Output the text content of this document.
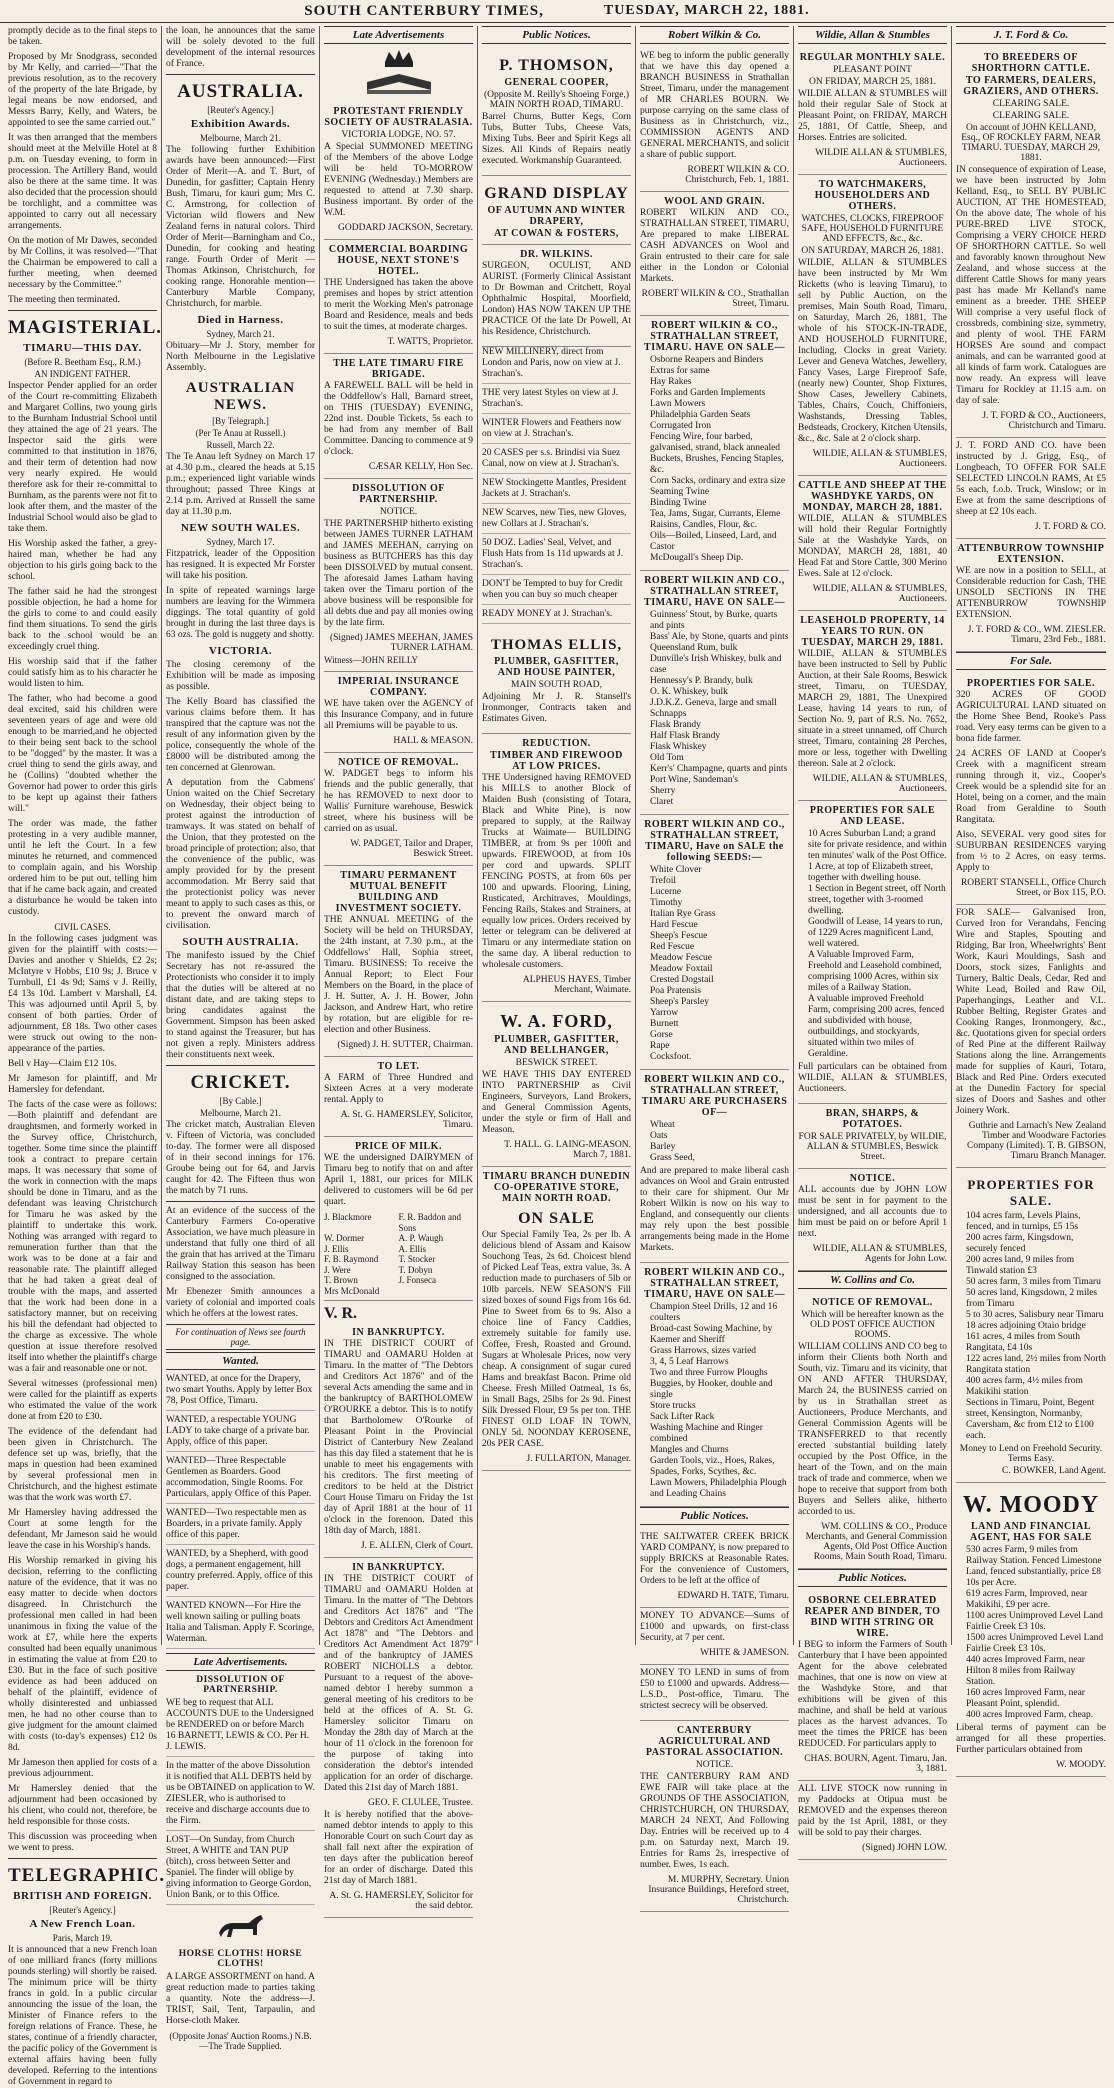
SOUTH CANTERBURY TIMES,	TUESDAY, MARCH 22, 1881.

promptly decide as to the final steps to be taken.

Proposed by Mr Snodgrass, seconded by Mr Kelly, and carried—"That the previous resolution, as to the recovery of the property of the late Brigade, by legal means be now endorsed, and Messrs Barry, Kelly, and Waters, be appointed to see the same carried out."

It was then arranged that the members should meet at the Melville Hotel at 8 p.m. on Tuesday evening, to form in procession. The Artillery Band, would also be there at the same time. It was also decided that the procession should be torchlight, and a committee was appointed to carry out all necessary arrangements.

On the motion of Mr Dawes, seconded by Mr Collins, it was resolved—"That the Chairman be empowered to call a further meeting, when deemed necessary by the Committee."

The meeting then terminated.

MAGISTERIAL.
TIMARU—THIS DAY.
(Before R. Beetham Esq., R.M.)
AN INDIGENT FATHER.

Inspector Pender applied for an order of the Court re-committing Elizabeth and Margaret Collins, two young girls to the Burnham Industrial School until they attained the age of 21 years. The Inspector said the girls were committed to that institution in 1876, and their term of detention had now very nearly expired. He would therefore ask for their re-committal to Burnham, as the parents were not fit to look after them, and the master of the Industrial School would also be glad to take them.

His Worship asked the father, a grey-haired man, whether he had any objection to his girls going back to the school.

The father said he had the strongest possible objection, he had a home for the girls to come to and could easily find them situations. To send the girls back to the school would be an exceedingly cruel thing.

His worship said that if the father could satisfy him as to his character he would listen to him.

The father, who had become a good deal excited, said his children were seventeen years of age and were old enough to be married,and he objected to their being sent back to the school to be "dogged" by the master. It was a cruel thing to send the girls away, and he (Collins) "doubted whether the Governor had power to order this girls to be kept up against their fathers will."

The order was made, the father protesting in a very audible manner, until he left the Court. In a few minutes he returned, and commenced to complain again, and his Worship ordered him to be put out, telling him that if he came back again, and created a disturbance he would be taken into custody.

CIVIL CASES.

In the following cases judgment was given for the plaintiff with costs:—Davies and another v Shields, £2 2s; McIntyre v Hobbs, £10 9s; J. Bruce v Turnbull, £1 4s 9d; Sams v J. Reilly, £4 13s 10d. Lambert v Marshall, £4. This was adjourned until April 5, by consent of both parties. Order of adjournment, £8 18s. Two other cases were struck out owing to the non-appearance of the parties.

Bell v Hay—Claim £12 10s.

Mr Jameson for plaintiff, and Mr Hamersley for defendant.

The facts of the case were as follows:—Both plaintiff and defendant are draughtsmen, and formerly worked in the Survey office, Christchurch, together. Some time since the plaintiff took a contract to prepare certain maps. It was necessary that some of the work in connection with the maps should be done in Timaru, and as the defendant was leaving Christchurch for Timaru he was asked by the plaintiff to undertake this work. Nothing was arranged with regard to remuneration further than that the work was to be done at a fair and reasonable rate. The plaintiff alleged that he had taken a great deal of trouble with the maps, and asserted that the work had been done in a satisfactory manner, but on receiving his bill the defendant had objected to the charge as excessive. The whole question at issue therefore resolved itself into whether the plaintiff's charge was a fair and reasonable one or not.

Several witnesses (professional men) were called for the plaintiff as experts who estimated the value of the work done at from £20 to £30.

The evidence of the defendant had been given in Christchurch. The defence set up was, briefly, that the maps in question had been examined by several professional men in Christchurch, and the highest estimate was that the work was worth £7.

Mr Hamersley having addressed the Court at some length for the defendant, Mr Jameson said he would leave the case in his Worship's hands.

His Worship remarked in giving his decision, referring to the conflicting nature of the evidence, that it was no easy matter to decide when doctors disagreed. In Christchurch the professional men called in had been unanimous in fixing the value of the work at £7, while here the experts consulted had been equally unanimous in estimating the value at from £20 to £30. But in the face of such positive evidence as had been adduced on behalf of the plaintiff, evidence of wholly disinterested and unbiassed men, he had no other course than to give judgment for the amount claimed with costs (to-day's expenses) £12 0s 8d.

Mr Jameson then applied for costs of a previous adjournment.

Mr Hamersley denied that the adjournment had been occasioned by his client, who could not, therefore, be held responsible for those costs.

This discussion was proceeding when we went to press.

TELEGRAPHIC.
BRITISH AND FOREIGN.
[Reuter's Agency.]
A New French Loan.
Paris, March 19.

It is announced that a new French loan of one milliard francs (forty millions pounds sterling) will shortly be raised. The minimum price will be thirty francs in gold. In a public circular announcing the issue of the loan, the Minister of Finance refers to the foreign relations of France. These, he states, continue of a friendly character, the pacific policy of the Government is external affairs having been fully developed. Referring to the intentions of Government in regard to

the loan, he announces that the same will be solely devoted to the full development of the internal resources of France.

AUSTRALIA.
[Reuter's Agency.]
Exhibition Awards.
Melbourne, March 21.

The following further Exhibition awards have been announced:—First Order of Merit—A. and T. Burt, of Dunedin, for gasfitter; Captain Henry Bush, Timaru, for kauri gum; Mrs C. C. Armstrong, for collection of Victorian wild flowers and New Zealand ferns in natural colors. Third Order of Merit—Barningham and Co., Dunedin, for cooking and heating range. Fourth Order of Merit — Thomas Atkinson, Christchurch, for cooking range. Honorable mention—Canterbury Marble Company, Christchurch, for marble.

Died in Harness.
Sydney, March 21.

Obituary—Mr J. Story, member for North Melbourne in the Legislative Assembly.

AUSTRALIAN NEWS.
[By Telegraph.]
(Per Te Anau at Russell.)
Russell, March 22.

The Te Anau left Sydney on March 17 at 4.30 p.m., cleared the heads at 5.15 p.m.; experienced light variable winds throughout; passed Three Kings at 2.14 p.m. Arrived at Russell the same day at 11.30 p.m.

NEW SOUTH WALES.
Sydney, March 17.

Fitzpatrick, leader of the Opposition has resigned. It is expected Mr Forster will take his position.

In spite of repeated warnings large numbers are leaving for the Wimmera diggings. The total quantity of gold brought in during the last three days is 63 ozs. The gold is nuggety and shotty.

VICTORIA.

The closing ceremony of the Exhibition will be made as imposing as possible.

The Kelly Board has classified the various claims before them. It has transpired that the capture was not the result of any information given by the police, consequently the whole of the £8000 will be distributed among the ten concerned at Glenrowan.

A deputation from the Cabmens' Union waited on the Chief Secretary on Wednesday, their object being to protest against the introduction of tramways. It was stated on behalf of the Union, that they protested on the broad principle of protection; also, that the convenience of the public, was amply provided for by the present accommodation. Mr Berry said that the protectionist policy was never meant to apply to such cases as this, or to prevent the onward march of civilisation.

SOUTH AUSTRALIA.

The manifesto issued by the Chief Secretary has not re-assured the Protectionists who consider it to imply that the duties will be altered at no distant date, and are taking steps to bring candidates against the Government. Simpson has been asked to stand against the Treasurer, but has not given a reply. Ministers address their constituents next week.

CRICKET.
[By Cable.]
Melbourne, March 21.

The cricket match, Australian Eleven v. Fifteen of Victoria, was concluded to-day. The former were all disposed of in their second innings for 176. Groube being out for 64, and Jarvis caught for 42. The Fifteen thus won the match by 71 runs.

At an evidence of the success of the Canterbury Farmers Co-operative Association, we have much pleasure in understand that fully one third of all the grain that has arrived at the Timaru Railway Station this season has been consigned to the association.

Mr Ebenezer Smith announces a variety of colonial and imported coals which he offers at the lowest rates.

For continuation of News see fourth page.
Wanted.
WANTED, at once for the Drapery, two smart Youths. Apply by letter Box 78, Post Office, Timaru.
WANTED, a respectable YOUNG LADY to take charge of a private bar. Apply, office of this paper.
WANTED—Three Respectable Gentlemen as Boarders. Good accommodation, Single Rooms. For Particulars, apply Office of this Paper.
WANTED—Two respectable men as Boarders, in a private family. Apply office of this paper.
WANTED, by a Shepherd, with good dogs, a permanent engagement, hill country preferred. Apply, office of this paper.
WANTED KNOWN—For Hire the well known sailing or pulling boats Italia and Talisman. Apply F. Scoringe, Waterman.
Late Advertisements.
DISSOLUTION OF PARTNERSHIP.
WE beg to request that ALL ACCOUNTS DUE to the Undersigned be RENDERED on or before March 16 BARNETT, LEWIS & CO. Per H. J. LEWIS.
In the matter of the above Dissolution it is notified that ALL DEBTS held by us be OBTAINED on application to W. ZIESLER, who is authorised to receive and discharge accounts due to the Firm.
LOST—On Sunday, from Church Street, A WHITE and TAN PUP (bitch), cross between Setter and Spaniel. The finder will oblige by giving information to George Gordon, Union Bank, or to this Office.
HORSE CLOTHS! HORSE CLOTHS!

A LARGE ASSORTMENT on hand. A great reduction made to parties taking a quantity. Note the address—J. TRIST, Sail, Tent, Tarpaulin, and Horse-cloth Maker.

(Opposite Jonas' Auction Rooms.) N.B.—The Trade Supplied.
Late Advertisements
PROTESTANT FRIENDLY SOCIETY OF AUSTRALASIA.
VICTORIA LODGE, NO. 57.

A Special SUMMONED MEETING of the Members of the above Lodge will be held TO-MORROW EVENING (Wednesday.) Members are requested to attend at 7.30 sharp. Business important. By order of the W.M.

GODDARD JACKSON, Secretary.
COMMERCIAL BOARDING HOUSE, NEXT STONE'S HOTEL.

THE Undersigned has taken the above premises and hopes by strict attention to merit the Working Men's patronage Board and Residence, meals and beds to suit the times, at moderate charges.

T. WATTS, Proprietor.
THE LATE TIMARU FIRE BRIGADE.

A FAREWELL BALL will be held in the Oddfellow's Hall, Barnard street, on THIS (TUESDAY) EVENING, 22nd inst. Double Tickets, 5s each to be had from any member of Ball Committee. Dancing to commence at 9 o'clock.

CÆSAR KELLY, Hon Sec.
DISSOLUTION OF PARTNERSHIP.
NOTICE.

THE PARTNERSHIP hitherto existing between JAMES TURNER LATHAM and JAMES MEEHAN, carrying on business as BUTCHERS has this day been DISSOLVED by mutual consent. The aforesaid James Latham having taken over the Timaru portion of the above business will be responsible for all debts due and pay all monies owing by the late firm.

(Signed) JAMES MEEHAN, JAMES TURNER LATHAM.
Witness—JOHN REILLY
IMPERIAL INSURANCE COMPANY.

WE have taken over the AGENCY of this Insurance Company, and in future all Premiums will be payable to us.

HALL & MEASON.
NOTICE OF REMOVAL.

W. PADGET begs to inform his friends and the public generally, that he has REMOVED to next door to Wallis' Furniture warehouse, Beswick street, where his business will be carried on as usual.

W. PADGET, Tailor and Draper, Beswick Street.
TIMARU PERMANENT MUTUAL BENEFIT BUILDING AND INVESTMENT SOCIETY.

THE ANNUAL MEETING of the Society will be held on THURSDAY, the 24th instant, at 7.30 p.m., at the Oddfellows' Hall, Sophia street, Timaru. BUSINESS: To receive the Annual Report; to Elect Four Members on the Board, in the place of J. H. Sutter, A. J. H. Bower, John Jackson, and Andrew Hart, who retire by rotation, but are eligible for re-election and other Business.

(Signed) J. H. SUTTER, Chairman.
TO LET.

A FARM of Three Hundred and Sixteen Acres at a very moderate rental. Apply to

A. St. G. HAMERSLEY, Solicitor, Timaru.
PRICE OF MILK.

WE the undersigned DAIRYMEN of Timaru beg to notify that on and after April 1, 1881, our prices for MILK delivered to customers will be 6d per quart.

J. Blackmore	F. R. Baddon and Sons
W. Dormer	A. P. Waugh
J. Ellis	A. Ellis
F. B. Raymond	T. Stocker
J. Were	T. Dobyn
T. Brown	J. Fonseca
Mrs McDonald
V. R.
IN BANKRUPTCY.

IN THE DISTRICT COURT of TIMARU and OAMARU Holden at Timaru. In the matter of "The Debtors and Creditors Act 1876" and of the several Acts amending the same and in the bankruptcy of BARTHOLOMEW O'ROURKE a debtor. This is to notify that Bartholomew O'Rourke of Pleasant Point in the Provincial District of Canterbury New Zealand has this day filed a statement that he is unable to meet his engagements with his creditors. The first meeting of creditors to be held at the District Court House Timaru on Friday the 1st day of April 1881 at the hour of 11 o'clock in the forenoon. Dated this 18th day of March, 1881.

J. E. ALLEN, Clerk of Court.
IN BANKRUPTCY.

IN THE DISTRICT COURT of TIMARU and OAMARU Holden at Timaru. In the matter of "The Debtors and Creditors Act 1876" and "The Debtors and Creditors Act Amendment Act 1878" and "The Debtors and Creditors Act Amendment Act 1879" and of the bankruptcy of JAMES ROBERT NICHOLLS a debtor. Pursuant to a request of the above-named debtor I hereby summon a general meeting of his creditors to be held at the offices of A. St. G. Hamersley solicitor Timaru on Monday the 28th day of March at the hour of 11 o'clock in the forenoon for the purpose of taking into consideration the debtor's intended application for an order of discharge. Dated this 21st day of March 1881.

GEO. F. CLULEE, Trustee.

It is hereby notified that the above-named debtor intends to apply to this Honorable Court on such Court day as shall fall next after the expiration of ten days after the publication hereof for an order of discharge. Dated this 21st day of March 1881.

A. St. G. HAMERSLEY, Solicitor for the said debtor.
Public Notices.
P. THOMSON,
GENERAL COOPER,
(Opposite M. Reilly's Shoeing Forge,) MAIN NORTH ROAD, TIMARU.

Barrel Churns, Butter Kegs, Corn Tubs, Butter Tubs, Cheese Vats, Mixing Tubs. Beer and Spirit Kegs all Sizes. All Kinds of Repairs neatly executed. Workmanship Guaranteed.

GRAND DISPLAY
OF AUTUMN AND WINTER DRAPERY,
AT COWAN & FOSTERS,
DR. WILKINS.

SURGEON, OCULIST, AND AURIST. (Formerly Clinical Assistant to Dr Bowman and Critchett, Royal Ophthalmic Hospital, Moorfield, London) HAS NOW TAKEN UP THE PRACTICE Of the late Dr Powell, At his Residence, Christchurch.

NEW MILLINERY, direct from London and Paris, now on view at J. Strachan's.
THE very latest Styles on view at J. Strachan's.
WINTER Flowers and Feathers now on view at J. Strachan's.
20 CASES per s.s. Brindisi via Suez Canal, now on view at J. Strachan's.
NEW Stockingette Mantles, President Jackets at J. Strachan's.
NEW Scarves, new Ties, new Gloves, new Collars at J. Strachan's.
50 DOZ. Ladies' Seal, Velvet, and Flush Hats from 1s 11d upwards at J. Strachan's.
DON'T be Tempted to buy for Credit when you can buy so much cheaper
READY MONEY at J. Strachan's.
THOMAS ELLIS,
PLUMBER, GASFITTER, AND HOUSE PAINTER,
MAIN SOUTH ROAD,

Adjoining Mr J. R. Stansell's Ironmonger, Contracts taken and Estimates Given.

REDUCTION.
TIMBER AND FIREWOOD AT LOW PRICES.

THE Undersigned having REMOVED his MILLS to another Block of Maiden Bush (consisting of Totara, Black and White Pine), is now prepared to supply, at the Railway Trucks at Waimate— BUILDING TIMBER, at from 9s per 100ft and upwards. FIREWOOD, at from 10s per cord and upwards. SPLIT FENCING POSTS, at from 60s per 100 and upwards. Flooring, Lining, Rusticated, Architraves, Mouldings, Fencing Rails, Stakes and Strainers, at equally low prices. Orders received by letter or telegram can be delivered at Timaru or any intermediate station on the same day. A liberal reduction to wholesale customers.

ALPHEUS HAYES, Timber Merchant, Waimate.
W. A. FORD,
PLUMBER, GASFITTER, AND BELLHANGER,
BESWICK STREET.

WE HAVE THIS DAY ENTERED INTO PARTNERSHIP as Civil Engineers, Surveyors, Land Brokers, and General Commission Agents, under the style or firm of Hall and Meason.

T. HALL. G. LAING-MEASON. March 7, 1881.
TIMARU BRANCH DUNEDIN CO-OPERATIVE STORE, MAIN NORTH ROAD.
ON SALE

Our Special Family Tea, 2s per lb. A delicious blend of Assam and Kaisow Souchong Teas, 2s 6d. Choicest blend of Picked Leaf Teas, extra value, 3s. A reduction made to purchasers of 5lb or 10lb parcels. NEW SEASON'S Fill sized boxes of sound Figs from 16s 6d. Pine to Sweet from 6s to 9s. Also a choice line of Fancy Caddies, extremely suitable for family use. Coffee, Fresh, Roasted and Ground. Sugars at Wholesale Prices, now very cheap. A consignment of sugar cured Hams and breakfast Bacon. Prime old Cheese. Fresh Milled Oatmeal, 1s 6s, in Small Bags, 25lbs for 2s 9d. Finest Silk Dressed Flour, £9 5s per ton. THE FINEST OLD LOAF IN TOWN, ONLY 5d. NOONDAY KEROSENE, 20s PER CASE.

J. FULLARTON, Manager.
Robert Wilkin & Co.

WE beg to inform the public generally that we have this day opened a BRANCH BUSINESS in Strathallan Street, Timaru, under the management of MR CHARLES BOURN. We purpose carrying on the same class of Business as in Christchurch, viz., COMMISSION AGENTS AND GENERAL MERCHANTS, and solicit a share of public support.

ROBERT WILKIN & CO. Christchurch, Feb. 1, 1881.
WOOL AND GRAIN.

ROBERT WILKIN AND CO., STRATHALLAN STREET, TIMARU, Are prepared to make LIBERAL CASH ADVANCES on Wool and Grain entrusted to their care for sale either in the London or Colonial Markets.

ROBERT WILKIN & CO., Strathallan Street, Timaru.
ROBERT WILKIN & CO., STRATHALLAN STREET, TIMARU. HAVE ON SALE—
Osborne Reapers and Binders
Extras for same
Hay Rakes
Forks and Garden Implements
Lawn Mowers
Philadelphia Garden Seats
Corrugated Iron
Fencing Wire, four barbed, galvanised, strand, black annealed
Buckets, Brushes, Fencing Staples, &c.
Corn Sacks, ordinary and extra size
Seaming Twine
Binding Twine
Tea, Jams, Sugar, Currants, Eleme Raisins, Candles, Flour, &c.
Oils—Boiled, Linseed, Lard, and Castor
McDougall's Sheep Dip.
ROBERT WILKIN AND CO., STRATHALLAN STREET, TIMARU, HAVE ON SALE—
Guinness' Stout, by Burke, quarts and pints
Bass' Ale, by Stone, quarts and pints
Queensland Rum, bulk
Dunville's Irish Whiskey, bulk and case
Hennessy's P. Brandy, bulk
O. K. Whiskey, bulk
J.D.K.Z. Geneva, large and small
Schnapps
Flask Brandy
Half Flask Brandy
Flask Whiskey
Old Tom
Kerr's' Champagne, quarts and pints
Port Wine, Sandeman's
Sherry
Claret
ROBERT WILKIN AND CO., STRATHALLAN STREET, TIMARU, Have on SALE the following SEEDS:—
White Clover
Trefoil
Lucerne
Timothy
Italian Rye Grass
Hard Fescue
Sheep's Fescue
Red Fescue
Meadow Fescue
Meadow Foxtail
Crested Dogstail
Poa Pratensis
Sheep's Parsley
Yarrow
Burnett
Gorse
Rape
Cocksfoot.
ROBERT WILKIN AND CO., STRATHALLAN STREET, TIMARU ARE PURCHASERS OF—
Wheat
Oats
Barley
Grass Seed,

And are prepared to make liberal cash advances on Wool and Grain entrusted to their care for shipment. Our Mr Robert Wilkin is now on his way to England, and consequently our clients may rely upon the best possible arrangements being made in the Home Markets.

ROBERT WILKIN AND CO., STRATHALLAN STREET, TIMARU, HAVE ON SALE—
Champion Steel Drills, 12 and 16 coulters
Broad-cast Sowing Machine, by Kaemer and Sheriff
Grass Harrows, sizes varied
3, 4, 5 Leaf Harrows
Two and three Furrow Ploughs
Buggies, by Hooker, double and single
Store trucks
Sack Lifter Rack
Washing Machine and Ringer combined
Mangles and Churns
Garden Tools, viz., Hoes, Rakes, Spades, Forks, Scythes, &c.
Lawn Mowers, Philadelphia Plough and Leading Chains
Public Notices.

THE SALTWATER CREEK BRICK YARD COMPANY, is now prepared to supply BRICKS at Reasonable Rates. For the convenience of Customers, Orders to be left at the office of

EDWARD H. TATE, Timaru.

MONEY TO ADVANCE—Sums of £1000 and upwards, on first-class Security, at 7 per cent.

WHITE & JAMESON.

MONEY TO LEND in sums of from £50 to £1000 and upwards. Address—L.S.D., Post-office, Timaru. The strictest secrecy will be observed.

CANTERBURY AGRICULTURAL AND PASTORAL ASSOCIATION.
NOTICE.

THE CANTERBURY RAM AND EWE FAIR will take place at the GROUNDS OF THE ASSOCIATION, CHRISTCHURCH, ON THURSDAY, MARCH 24 NEXT, And Following Day. Entries will be received up to 4 p.m. on Saturday next, March 19. Entries for Rams 2s, irrespective of number. Ewes, 1s each.

M. MURPHY, Secretary. Union Insurance Buildings, Hereford street, Christchurch.
Wildie, Allan & Stumbles
REGULAR MONTHLY SALE.
PLEASANT POINT
ON FRIDAY, MARCH 25, 1881.

WILDIE ALLAN & STUMBLES will hold their regular Sale of Stock at Pleasant Point, on FRIDAY, MARCH 25, 1881, Of Cattle, Sheep, and Horses. Entries are solicited.

WILDIE ALLAN & STUMBLES, Auctioneers.
TO WATCHMAKERS, HOUSEHOLDERS AND OTHERS.
WATCHES, CLOCKS, FIREPROOF SAFE, HOUSEHOLD FURNITURE AND EFFECTS, &c., &c.
ON SATURDAY, MARCH 26, 1881.

WILDIE, ALLAN & STUMBLES have been instructed by Mr Wm Ricketts (who is leaving Timaru), to sell by Public Auction, on the premises, Main South Road, Timaru, on Saturday, March 26, 1881, The whole of his STOCK-IN-TRADE, AND HOUSEHOLD FURNITURE, Including, Clocks in great Variety. Lever and Geneva Watches, Jewellery, Fancy Vases, Large Fireproof Safe, (nearly new) Counter, Shop Fixtures, Show Cases, Jewellery Cabinets, Tables, Chairs, Couch, Chiffoniers, Washstands, Dressing Tables, Bedsteads, Crockery, Kitchen Utensils, &c., &c. Sale at 2 o'clock sharp.

WILDIE, ALLAN & STUMBLES, Auctioneers.
CATTLE AND SHEEP AT THE WASHDYKE YARDS, ON MONDAY, MARCH 28, 1881.

WILDIE, ALLAN & STUMBLES will hold their Regular Fortnightly Sale at the Washdyke Yards, on MONDAY, MARCH 28, 1881, 40 Head Fat and Store Cattle, 300 Merino Ewes. Sale at 12 o'clock.

WILDIE, ALLAN & STUMBLES, Auctioneers.
LEASEHOLD PROPERTY, 14 YEARS TO RUN. ON TUESDAY, MARCH 29, 1881.

WILDIE, ALLAN & STUMBLES have been instructed to Sell by Public Auction, at their Sale Rooms, Beswick street, Timaru, on TUESDAY, MARCH 29, 1881, The Unexpired Lease, having 14 years to run, of Section No. 9, part of R.S. No. 7652, situate in a street unnamed, off Church street, Timaru, containing 28 Perches, more or less, together with Dwelling thereon. Sale at 2 o'clock.

WILDIE, ALLAN & STUMBLES, Auctioneers.
PROPERTIES FOR SALE AND LEASE.
10 Acres Suburban Land; a grand site for private residence, and within ten minutes' walk of the Post Office.
1 Acre, at top of Elizabeth street, together with dwelling house.
1 Section in Begent street, off North street, together with 3-roomed dwelling.
Goodwill of Lease, 14 years to run, of 1229 Acres magnificent Land, well watered.
A Valuable Improved Farm, Freehold and Leasehold combined, comprising 1000 Acres, within six miles of a Railway Station.
A valuable improved Freehold Farm, comprising 200 acres, fenced and subdivided with house, outbuildings, and stockyards, situated within two miles of Geraldine.

Full particulars can be obtained from WILDIE, ALLAN & STUMBLES, Auctioneers.

BRAN, SHARPS, & POTATOES.
FOR SALE PRIVATELY, by WILDIE, ALLAN & STUMBLES, Beswick Street.
NOTICE.

ALL accounts due by JOHN LOW must be sent in for payment to the undersigned, and all accounts due to him must be paid on or before April 1 next.

WILDIE, ALLAN & STUMBLES, Agents for John Low.
W. Collins and Co.
NOTICE OF REMOVAL.
Which will be hereafter known as the OLD POST OFFICE AUCTION ROOMS.

WILLIAM COLLINS AND CO beg to inform their Clients both North and South, viz. Timaru and its vicinity, that ON AND AFTER THURSDAY, March 24, the BUSINESS carried on by us in Strathallan street as Auctioneers, Produce Merchants, and General Commission Agents will be TRANSFERRED to that recently erected substantial building lately occupied by the Post Office, in the heart of the Town, and on the main track of trade and commerce, when we hope to receive that support from both Buyers and Sellers alike, hitherto accorded to us.

WM. COLLINS & CO., Produce Merchants, and General Commission Agents, Old Post Office Auction Rooms, Main South Road, Timaru.
Public Notices.
OSBORNE CELEBRATED REAPER AND BINDER, TO BIND WITH STRING OR WIRE.

I BEG to inform the Farmers of South Canterbury that I have been appointed Agent for the above celebrated machines, that one is now on view at the Washdyke Store, and that exhibitions will be given of this machine, and shall be held at various places as the harvest advances. To meet the times the PRICE has been REDUCED. For particulars apply to

CHAS. BOURN, Agent. Timaru, Jan. 3, 1881.

ALL LIVE STOCK now running in my Paddocks at Otipua must be REMOVED and the expenses thereon paid by the 1st April, 1881, or they will be sold to pay their charges.

(Signed) JOHN LOW.
J. T. Ford & Co.
TO BREEDERS OF SHORTHORN CATTLE.
TO FARMERS, DEALERS, GRAZIERS, AND OTHERS.
CLEARING SALE.
CLEARING SALE.
On account of JOHN KELLAND, Esq., OF ROCKLEY FARM, NEAR TIMARU. TUESDAY, MARCH 29, 1881.

IN consequence of expiration of Lease, we have been instructed by John Kelland, Esq., to SELL BY PUBLIC AUCTION, AT THE HOMESTEAD, On the above date, The whole of his PURE-BRED LIVE STOCK, Comprising a VERY CHOICE HERD OF SHORTHORN CATTLE. So well and favorably known throughout New Zealand, and whose success at the different Cattle Shows for many years past has made Mr Kelland's name eminent as a breeder. THE SHEEP Will comprise a very useful flock of crossbreds, combining size, symmetry, and plenty of wool. THE FARM HORSES Are sound and compact animals, and can be warranted good at all kinds of farm work. Catalogues are now ready. An express will leave Timaru for Rockley at 11.15 a.m. on day of sale.

J. T. FORD & CO., Auctioneers, Christchurch and Timaru.

J. T. FORD AND CO. have been instructed by J. Grigg, Esq., of Longbeach, TO OFFER FOR SALE SELECTED LINCOLN RAMS, At £5 5s each, f.o.b. Truck, Winslow; or in Ewe at from the same descriptions of sheep at £2 10s each.

J. T. FORD & CO.
ATTENBURROW TOWNSHIP EXTENSION.

WE are now in a position to SELL, at Considerable reduction for Cash, THE UNSOLD SECTIONS IN THE ATTENBURROW TOWNSHIP EXTENSION.

J. T. FORD & CO., WM. ZIESLER. Timaru, 23rd Feb., 1881.
For Sale.
PROPERTIES FOR SALE.

320 ACRES OF GOOD AGRICULTURAL LAND situated on the Home Shee Bend, Rooke's Pass road. Very easy terms can be given to a bona fide farmer.

24 ACRES OF LAND at Cooper's Creek with a magnificent stream running through it, viz., Cooper's Creek would be a splendid site for an Hotel, being on a corner, and the main Road from Geraldine to South Rangitata.

Also, SEVERAL very good sites for SUBURBAN RESIDENCES varying from ½ to 2 Acres, on easy terms. Apply to

ROBERT STANSELL, Office Church Street, or Box 115, P.O.

FOR SALE— Galvanised Iron, Curved Iron for Verandahs, Fencing Wire and Staples, Spouting and Ridging, Bar Iron, Wheelwrights' Bent Work, Kauri Mouldings, Sash and Doors, stock sizes, Fanlights and Turnery, Baltic Deals, Cedar, Red and White Lead, Boiled and Raw Oil, Paperhangings, Leather and V.L. Rubber Belting, Register Grates and Cooking Ranges, Ironmongery, &c., &c. Quotations given for special orders of Red Pine at the different Railway Stations along the line. Arrangements made for supplies of Kauri, Totara, Black and Red Pine. Orders executed at the Dunedin Factory for special sizes of Doors and Sashes and other Joinery Work.

Guthrie and Larnach's New Zealand Timber and Woodware Factories Company (Limited). T. B. GIBSON, Timaru Branch Manager.
PROPERTIES FOR SALE.
104 acres farm, Levels Plains, fenced, and in turnips, £5 15s
200 acres farm, Kingsdown, securely fenced
200 acres land, 9 miles from Tinwald station £3
50 acres farm, 3 miles from Timaru
50 acres land, Kingsdown, 2 miles from Timaru
5 to 30 acres, Salisbury near Timaru
18 acres adjoining Otaio bridge
161 acres, 4 miles from South Rangitata, £4 10s
122 acres land, 2½ miles from North Rangitata station
400 acres farm, 4½ miles from Makikihi station
Sections in Timaru, Point, Begent street, Kensington, Normanby, Caversham, &c from £12 to £100 each.
Money to Lend on Freehold Security. Terms Easy.
C. BOWKER, Land Agent.
W. MOODY
LAND AND FINANCIAL AGENT, HAS FOR SALE
530 acres Farm, 9 miles from Railway Station. Fenced Limestone Land, fenced substantially, price £8 10s per Acre.
619 acres Farm, Improved, near Makikihi, £9 per acre.
1100 acres Unimproved Level Land Fairlie Creek £3 10s.
1500 acres Unimproved Level Land Fairlie Creek £3 10s.
440 acres Improved Farm, near Hilton 8 miles from Railway Station.
160 acres Improved Farm, near Pleasant Point, splendid.
400 acres Improved Farm, cheap.

Liberal terms of payment can be arranged for all these properties. Further particulars obtained from

W. MOODY.
